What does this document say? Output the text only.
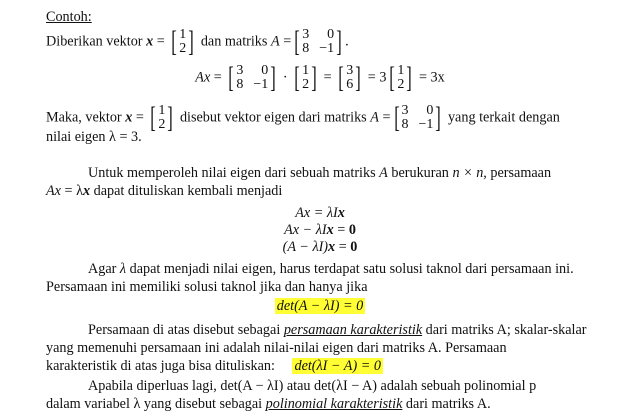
Contoh:
Diberikan vektor x = [ 1
2 ] dan matriks A = [ 3	0
8 −1 ] .
Ax = [ 3	0
8 −1 ] · [ 1
2 ] = [ 3
6 ] = 3 [ 1
2 ] = 3x
Maka, vektor x = [ 1
2 ] disebut vektor eigen dari matriks A = [ 3	0
8 −1 ] yang terkait dengan
nilai eigen λ = 3.
Untuk memperoleh nilai eigen dari sebuah matriks A berukuran n × n, persamaan
Ax = λx dapat dituliskan kembali menjadi
Ax = λIx
Ax − λIx = 0
(A − λI)x = 0
Agar λ dapat menjadi nilai eigen, harus terdapat satu solusi taknol dari persamaan ini.
Persamaan ini memiliki solusi taknol jika dan hanya jika
det(A − λI) = 0
Persamaan di atas disebut sebagai persamaan karakteristik dari matriks A; skalar-skalar
yang memenuhi persamaan ini adalah nilai-nilai eigen dari matriks A. Persamaan
karakteristik di atas juga bisa dituliskan: det(λI − A) = 0
Apabila diperluas lagi, det(A − λI) atau det(λI − A) adalah sebuah polinomial p
dalam variabel λ yang disebut sebagai polinomial karakteristik dari matriks A.
